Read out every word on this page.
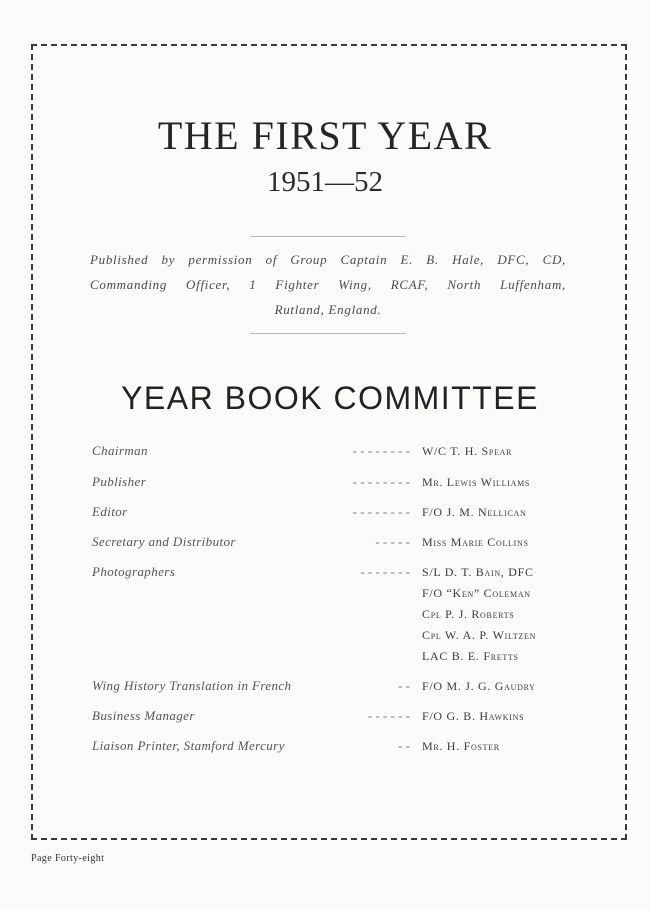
THE FIRST YEAR
1951—52
Published by permission of Group Captain E. B. Hale, DFC, CD,
Commanding Officer, 1 Fighter Wing, RCAF, North Luffenham,
Rutland, England.
YEAR BOOK COMMITTEE
Chairman	- - - - - - - - W/C T. H. Spear
Publisher	- - - - - - - - Mr. Lewis Williams
Editor	- - - - - - - - F/O J. M. Nellican
Secretary and Distributor	- - - - - Miss Marie Collins
Photographers	- - - - - - - S/L D. T. Bain, DFC
F/O “Ken” Coleman
Cpl P. J. Roberts
Cpl W. A. P. Wiltzen
LAC B. E. Fretts
Wing History Translation in French	- - F/O M. J. G. Gaudry
Business Manager	- - - - - - F/O G. B. Hawkins
Liaison Printer, Stamford Mercury	- - Mr. H. Foster
Page Forty-eight
